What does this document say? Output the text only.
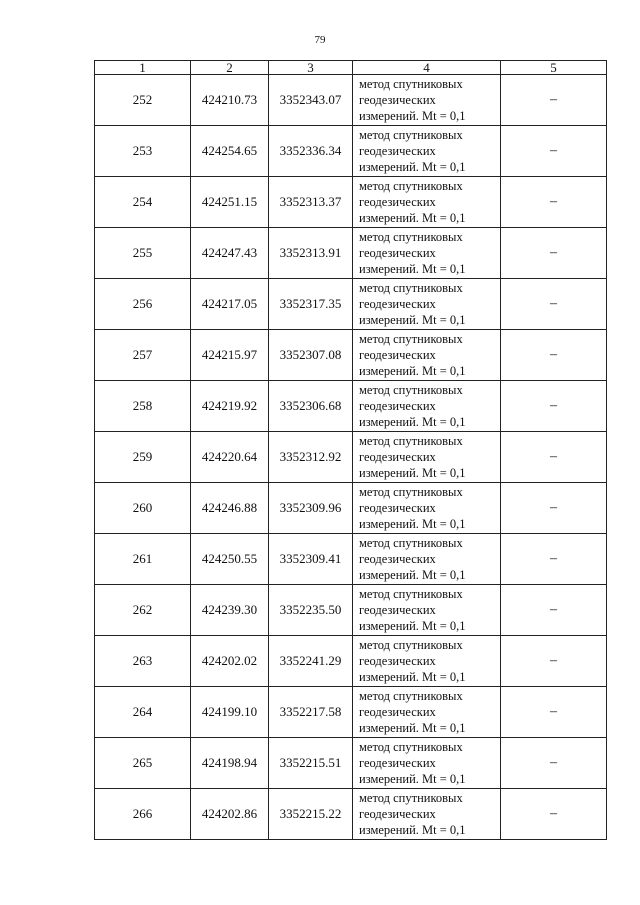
79
1	2	3	4	5
252	424210.73	3352343.07	метод спутниковых
геодезических
измерений. Mt = 0,1	–
253	424254.65	3352336.34	метод спутниковых
геодезических
измерений. Mt = 0,1	–
254	424251.15	3352313.37	метод спутниковых
геодезических
измерений. Mt = 0,1	–
255	424247.43	3352313.91	метод спутниковых
геодезических
измерений. Mt = 0,1	–
256	424217.05	3352317.35	метод спутниковых
геодезических
измерений. Mt = 0,1	–
257	424215.97	3352307.08	метод спутниковых
геодезических
измерений. Mt = 0,1	–
258	424219.92	3352306.68	метод спутниковых
геодезических
измерений. Mt = 0,1	–
259	424220.64	3352312.92	метод спутниковых
геодезических
измерений. Mt = 0,1	–
260	424246.88	3352309.96	метод спутниковых
геодезических
измерений. Mt = 0,1	–
261	424250.55	3352309.41	метод спутниковых
геодезических
измерений. Mt = 0,1	–
262	424239.30	3352235.50	метод спутниковых
геодезических
измерений. Mt = 0,1	–
263	424202.02	3352241.29	метод спутниковых
геодезических
измерений. Mt = 0,1	–
264	424199.10	3352217.58	метод спутниковых
геодезических
измерений. Mt = 0,1	–
265	424198.94	3352215.51	метод спутниковых
геодезических
измерений. Mt = 0,1	–
266	424202.86	3352215.22	метод спутниковых
геодезических
измерений. Mt = 0,1	–
